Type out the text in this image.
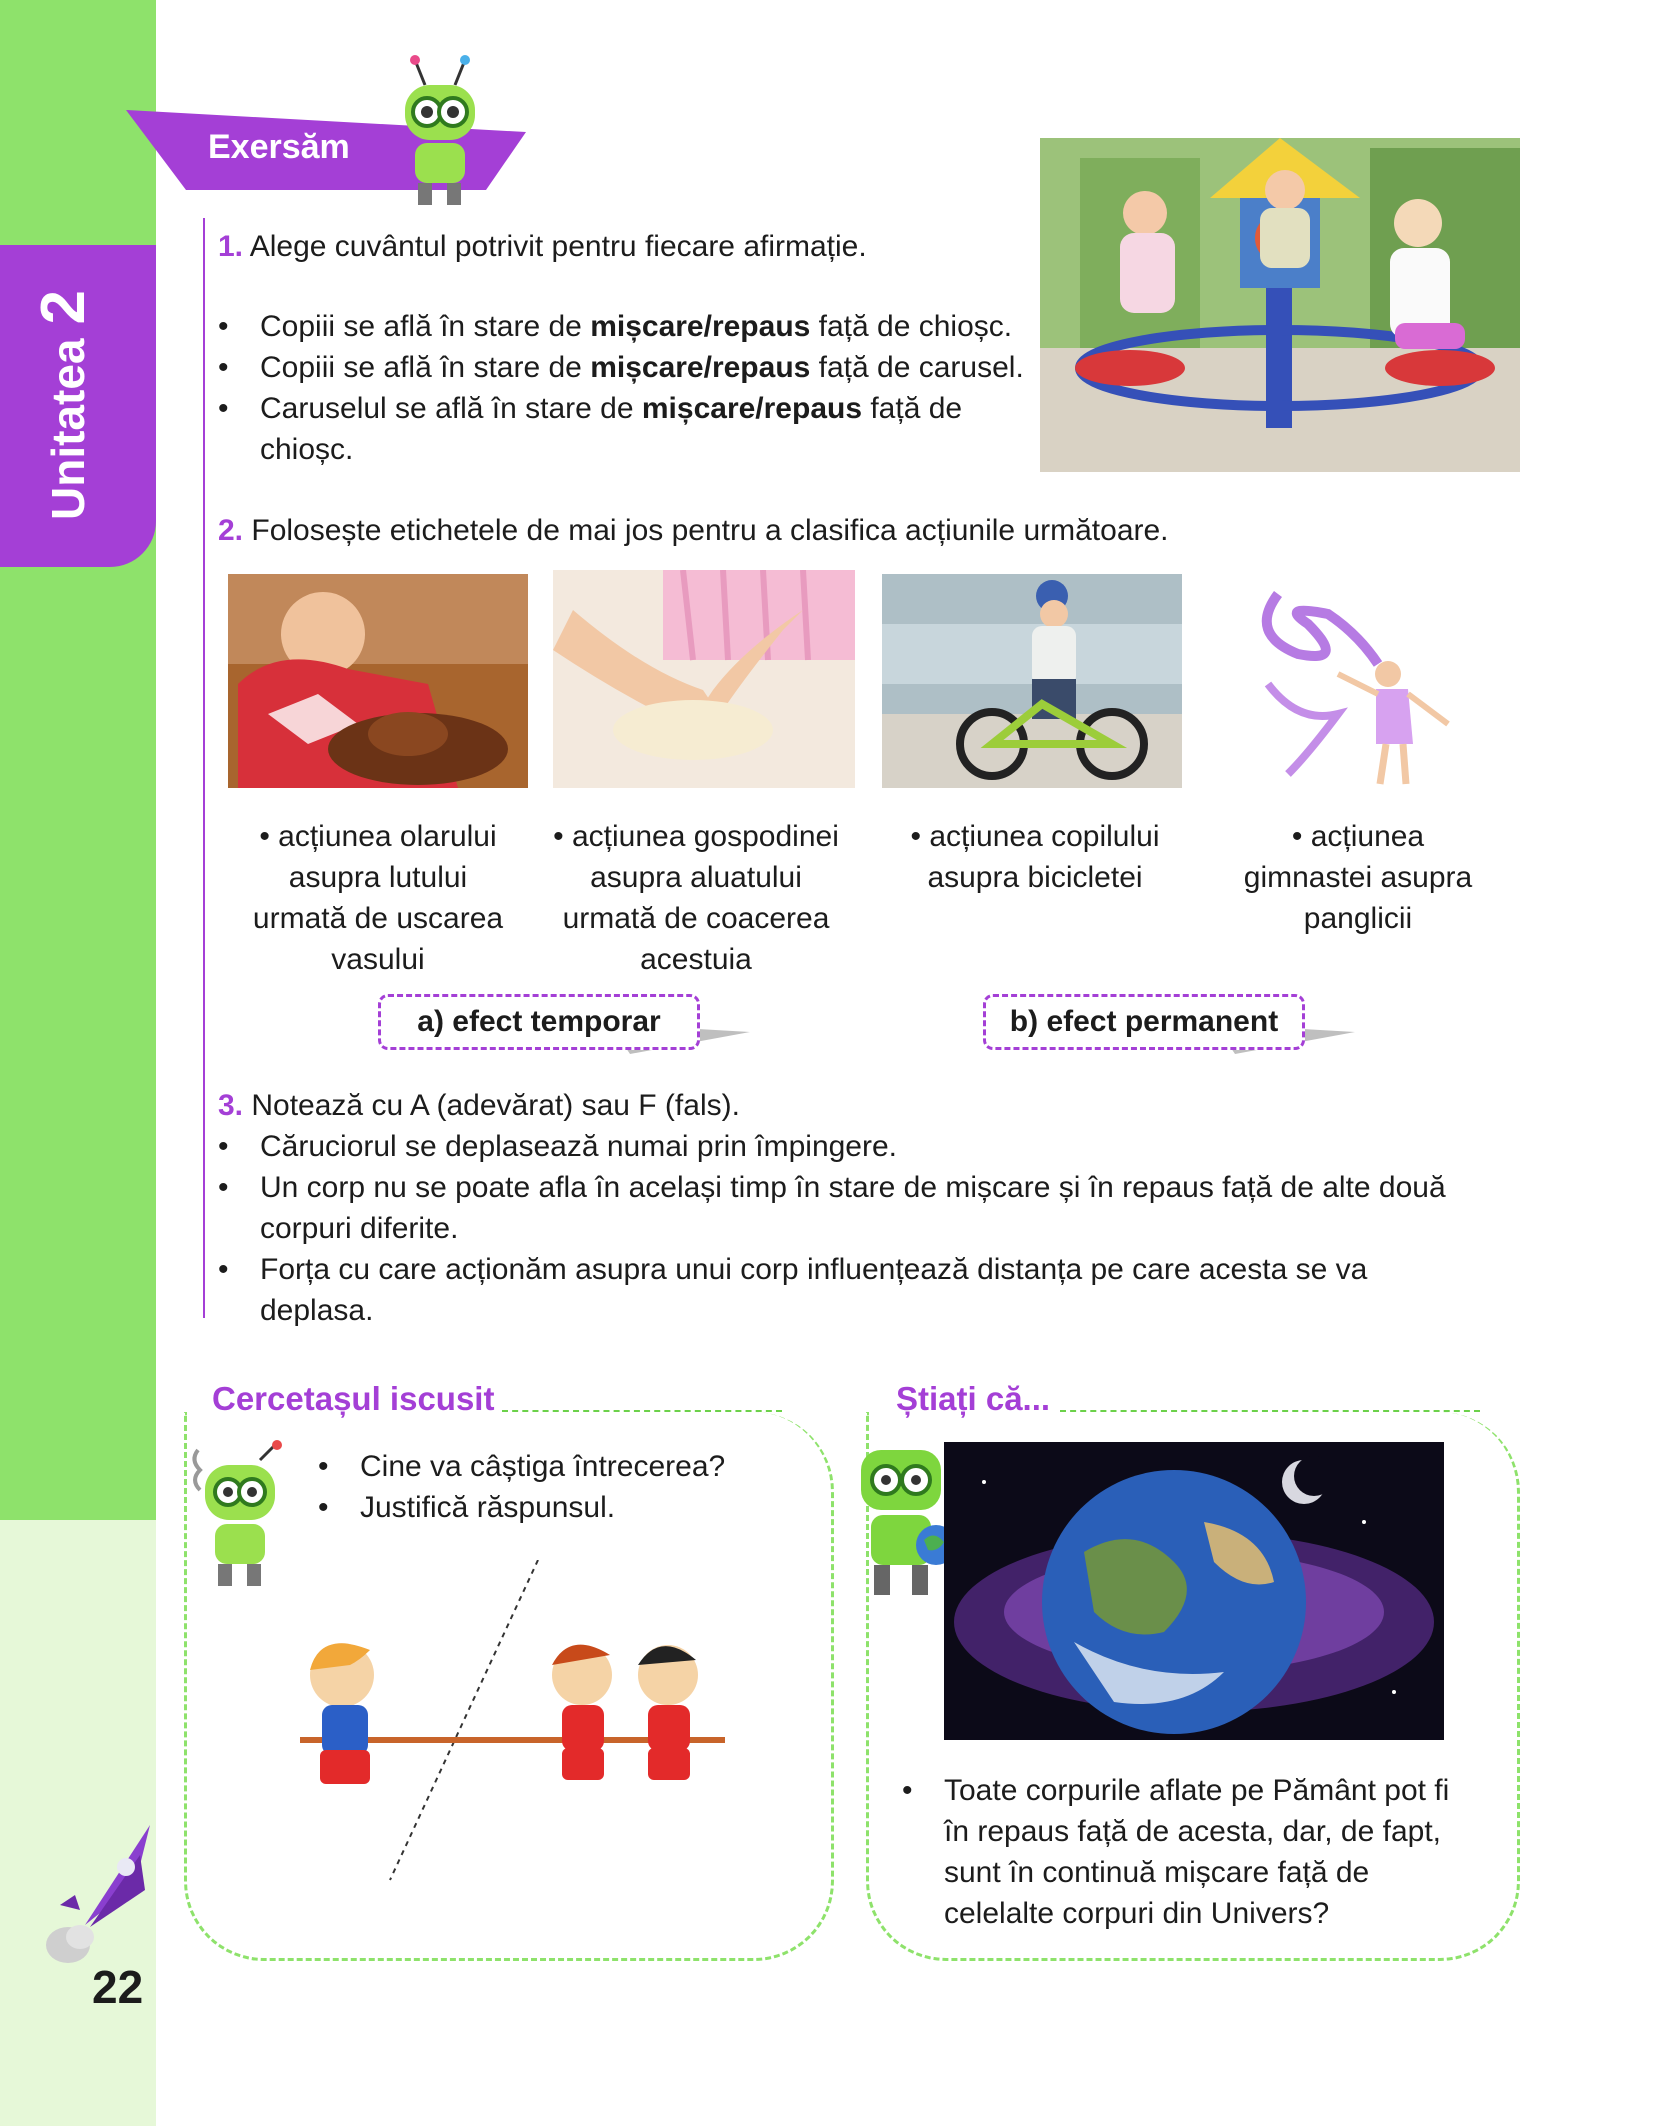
Unitatea2
22
Exersăm
1. Alege cuvântul potrivit pentru fiecare afirmație.
• Copiii se află în stare de mișcare/repaus față de chioșc.
• Copiii se află în stare de mișcare/repaus față de carusel.
• Caruselul se află în stare de mișcare/repaus față de
chioșc.
2. Folosește etichetele de mai jos pentru a clasifica acțiunile următoare.
• acțiunea olarului
asupra lutului
urmată de uscarea
vasului
• acțiunea gospodinei
asupra aluatului
urmată de coacerea
acestuia
• acțiunea copilului
asupra bicicletei
• acțiunea
gimnastei asupra
panglicii
a) efect temporar	b) efect permanent
3. Notează cu A (adevărat) sau F (fals).
• Căruciorul se deplasează numai prin împingere.
• Un corp nu se poate afla în același timp în stare de mișcare și în repaus față de alte două
corpuri diferite.
• Forța cu care acționăm asupra unui corp influențează distanța pe care acesta se va
deplasa.
Cercetașul iscusit
• Cine va câștiga întrecerea?
• Justifică răspunsul.
Știați că...
• Toate corpurile aflate pe Pământ pot fi
în repaus față de acesta, dar, de fapt,
sunt în continuă mișcare față de
celelalte corpuri din Univers?
